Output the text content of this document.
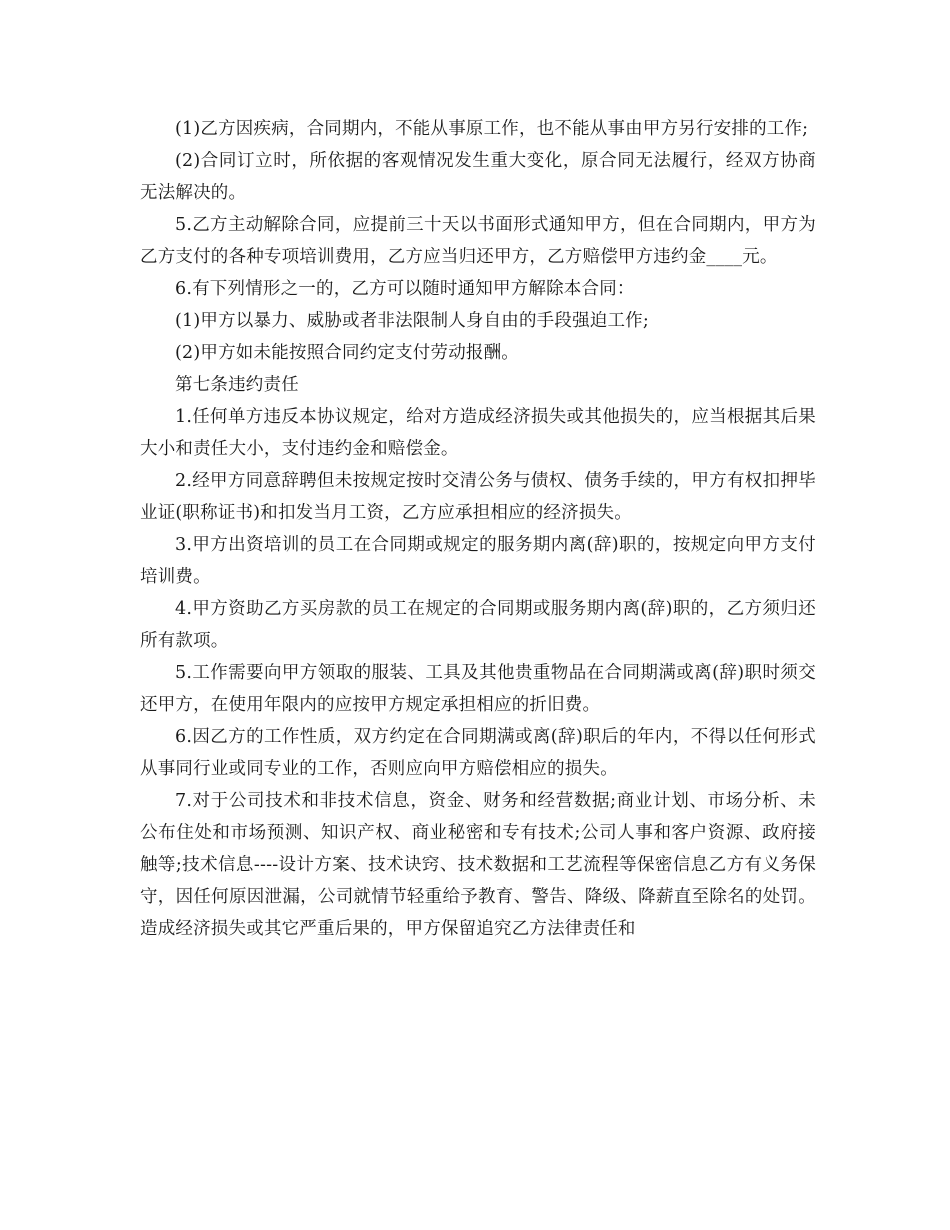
(1)乙方因疾病，合同期内，不能从事原工作，也不能从事由甲方另行安排的工作;

(2)合同订立时，所依据的客观情况发生重大变化，原合同无法履行，经双方协商无法解决的。

5.乙方主动解除合同，应提前三十天以书面形式通知甲方，但在合同期内，甲方为乙方支付的各种专项培训费用，乙方应当归还甲方，乙方赔偿甲方违约金____元。

6.有下列情形之一的，乙方可以随时通知甲方解除本合同：

(1)甲方以暴力、威胁或者非法限制人身自由的手段强迫工作;

(2)甲方如未能按照合同约定支付劳动报酬。

第七条违约责任

1.任何单方违反本协议规定，给对方造成经济损失或其他损失的，应当根据其后果大小和责任大小，支付违约金和赔偿金。

2.经甲方同意辞聘但未按规定按时交清公务与债权、债务手续的，甲方有权扣押毕业证(职称证书)和扣发当月工资，乙方应承担相应的经济损失。

3.甲方出资培训的员工在合同期或规定的服务期内离(辞)职的，按规定向甲方支付培训费。

4.甲方资助乙方买房款的员工在规定的合同期或服务期内离(辞)职的，乙方须归还所有款项。

5.工作需要向甲方领取的服装、工具及其他贵重物品在合同期满或离(辞)职时须交还甲方，在使用年限内的应按甲方规定承担相应的折旧费。

6.因乙方的工作性质，双方约定在合同期满或离(辞)职后的年内，不得以任何形式从事同行业或同专业的工作，否则应向甲方赔偿相应的损失。

7.对于公司技术和非技术信息，资金、财务和经营数据;商业计划、市场分析、未公布住处和市场预测、知识产权、商业秘密和专有技术;公司人事和客户资源、政府接触等;技术信息----设计方案、技术诀窍、技术数据和工艺流程等保密信息乙方有义务保守，因任何原因泄漏，公司就情节轻重给予教育、警告、降级、降薪直至除名的处罚。造成经济损失或其它严重后果的，甲方保留追究乙方法律责任和
